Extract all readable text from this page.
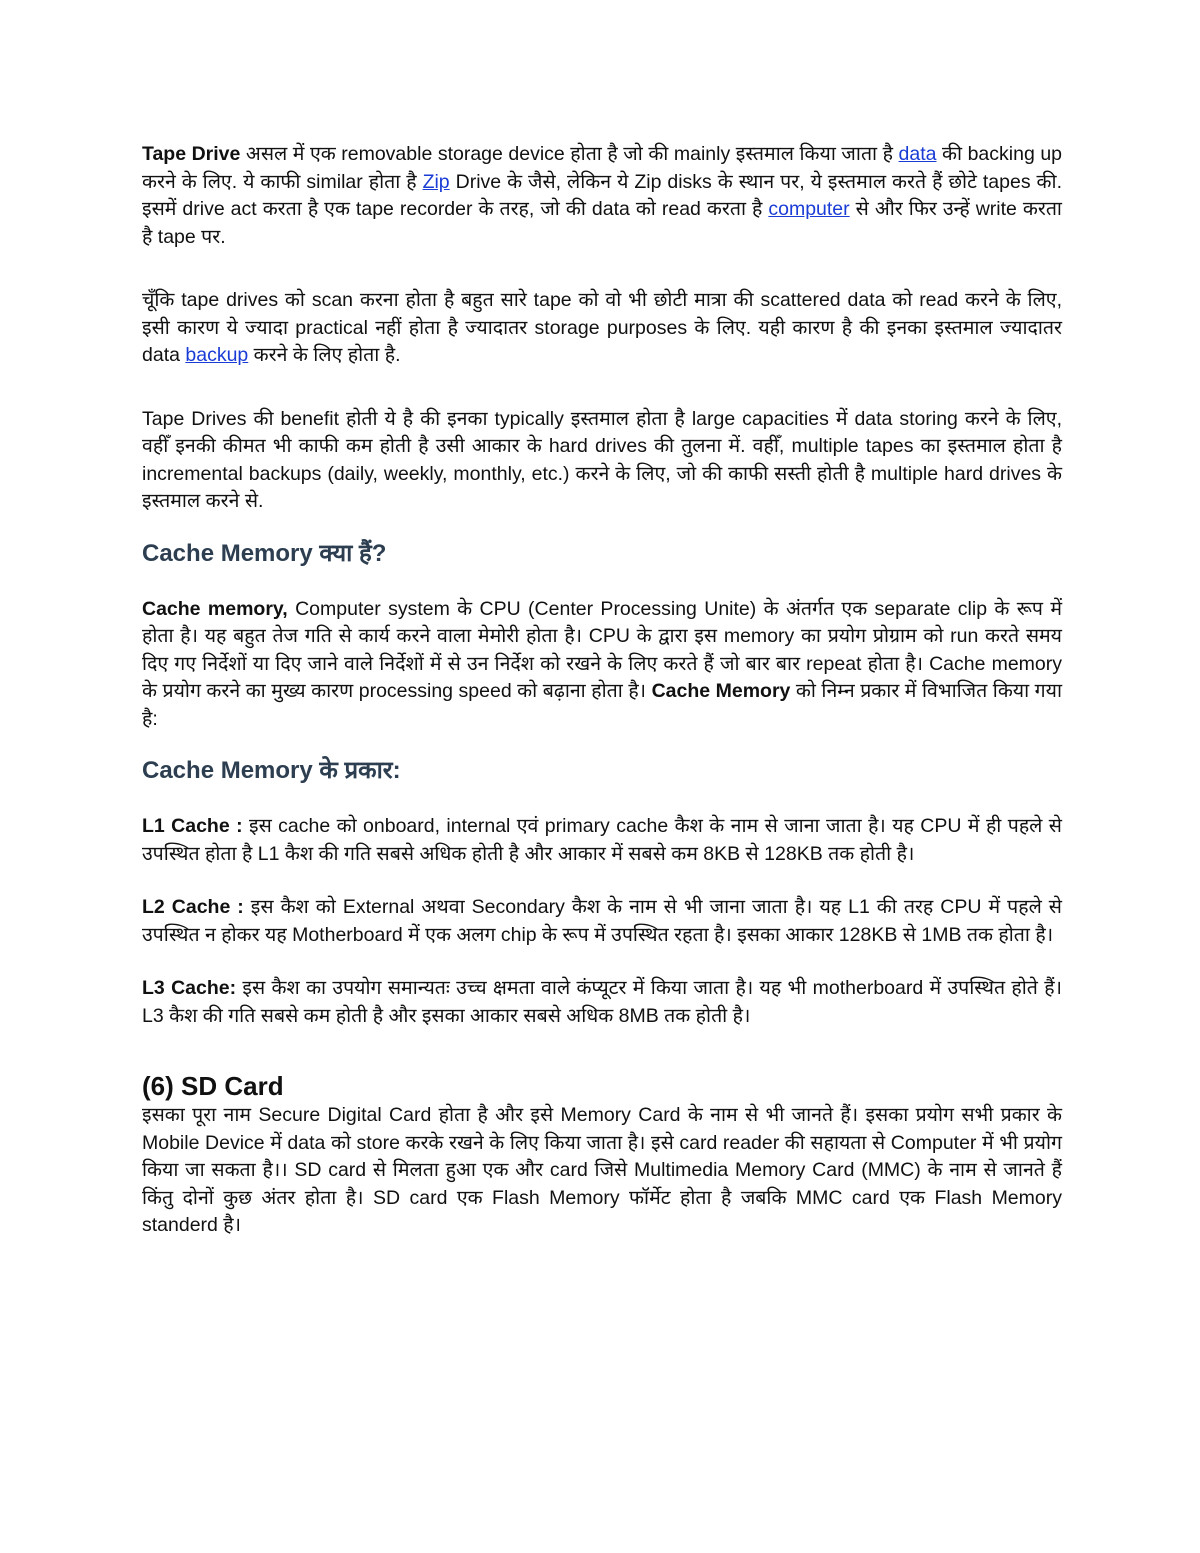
Tape Drive असल में एक removable storage device होता है जो की mainly इस्तमाल किया जाता है data की backing up करने के लिए. ये काफी similar होता है Zip Drive के जैसे, लेकिन ये Zip disks के स्थान पर, ये इस्तमाल करते हैं छोटे tapes की. इसमें drive act करता है एक tape recorder के तरह, जो की data को read करता है computer से और फिर उन्हें write करता है tape पर.

चूँकि tape drives को scan करना होता है बहुत सारे tape को वो भी छोटी मात्रा की scattered data को read करने के लिए, इसी कारण ये ज्यादा practical नहीं होता है ज्यादातर storage purposes के लिए. यही कारण है की इनका इस्तमाल ज्यादातर data backup करने के लिए होता है.

Tape Drives की benefit होती ये है की इनका typically इस्तमाल होता है large capacities में data storing करने के लिए, वहीँ इनकी कीमत भी काफी कम होती है उसी आकार के hard drives की तुलना में. वहीँ, multiple tapes का इस्तमाल होता है incremental backups (daily, weekly, monthly, etc.) करने के लिए, जो की काफी सस्ती होती है multiple hard drives के इस्तमाल करने से.

Cache Memory क्या हैं?

Cache memory, Computer system के CPU (Center Processing Unite) के अंतर्गत एक separate clip के रूप में होता है। यह बहुत तेज गति से कार्य करने वाला मेमोरी होता है। CPU के द्वारा इस memory का प्रयोग प्रोग्राम को run करते समय दिए गए निर्देशों या दिए जाने वाले निर्देशों में से उन निर्देश को रखने के लिए करते हैं जो बार बार repeat होता है। Cache memory के प्रयोग करने का मुख्य कारण processing speed को बढ़ाना होता है। Cache Memory को निम्न प्रकार में विभाजित किया गया है:

Cache Memory के प्रकार:

L1 Cache : इस cache को onboard, internal एवं primary cache कैश के नाम से जाना जाता है। यह CPU में ही पहले से उपस्थित होता है L1 कैश की गति सबसे अधिक होती है और आकार में सबसे कम 8KB से 128KB तक होती है।

L2 Cache : इस कैश को External अथवा Secondary कैश के नाम से भी जाना जाता है। यह L1 की तरह CPU में पहले से उपस्थित न होकर यह Motherboard में एक अलग chip के रूप में उपस्थित रहता है। इसका आकार 128KB से 1MB तक होता है।

L3 Cache: इस कैश का उपयोग समान्यतः उच्च क्षमता वाले कंप्यूटर में किया जाता है। यह भी motherboard में उपस्थित होते हैं। L3 कैश की गति सबसे कम होती है और इसका आकार सबसे अधिक 8MB तक होती है।

(6) SD Card

इसका पूरा नाम Secure Digital Card होता है और इसे Memory Card के नाम से भी जानते हैं। इसका प्रयोग सभी प्रकार के Mobile Device में data को store करके रखने के लिए किया जाता है। इसे card reader की सहायता से Computer में भी प्रयोग किया जा सकता है।। SD card से मिलता हुआ एक और card जिसे Multimedia Memory Card (MMC) के नाम से जानते हैं किंतु दोनों कुछ अंतर होता है। SD card एक Flash Memory फॉर्मेट होता है जबकि MMC card एक Flash Memory standerd है।
